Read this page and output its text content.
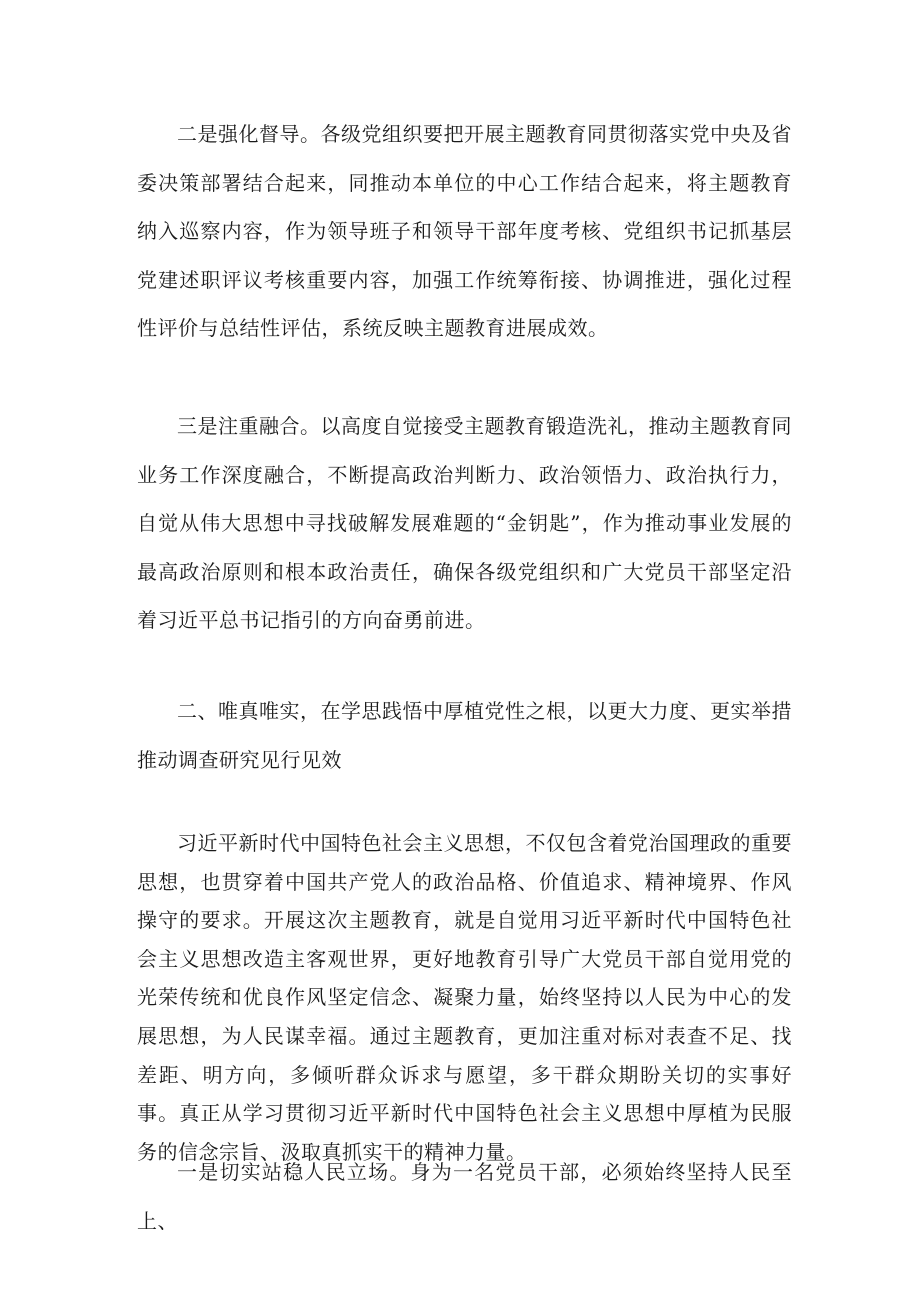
二是强化督导。各级党组织要把开展主题教育同贯彻落实党中央及省委决策部署结合起来，同推动本单位的中心工作结合起来，将主题教育纳入巡察内容，作为领导班子和领导干部年度考核、党组织书记抓基层党建述职评议考核重要内容，加强工作统筹衔接、协调推进，强化过程性评价与总结性评估，系统反映主题教育进展成效。

三是注重融合。以高度自觉接受主题教育锻造洗礼，推动主题教育同业务工作深度融合，不断提高政治判断力、政治领悟力、政治执行力，自觉从伟大思想中寻找破解发展难题的“金钥匙”，作为推动事业发展的最高政治原则和根本政治责任，确保各级党组织和广大党员干部坚定沿着习近平总书记指引的方向奋勇前进。

二、唯真唯实，在学思践悟中厚植党性之根，以更大力度、更实举措推动调查研究见行见效

习近平新时代中国特色社会主义思想，不仅包含着党治国理政的重要思想，也贯穿着中国共产党人的政治品格、价值追求、精神境界、作风操守的要求。开展这次主题教育，就是自觉用习近平新时代中国特色社会主义思想改造主客观世界，更好地教育引导广大党员干部自觉用党的光荣传统和优良作风坚定信念、凝聚力量，始终坚持以人民为中心的发展思想，为人民谋幸福。通过主题教育，更加注重对标对表查不足、找差距、明方向，多倾听群众诉求与愿望，多干群众期盼关切的实事好事。真正从学习贯彻习近平新时代中国特色社会主义思想中厚植为民服务的信念宗旨、汲取真抓实干的精神力量。

一是切实站稳人民立场。身为一名党员干部，必须始终坚持人民至上、
